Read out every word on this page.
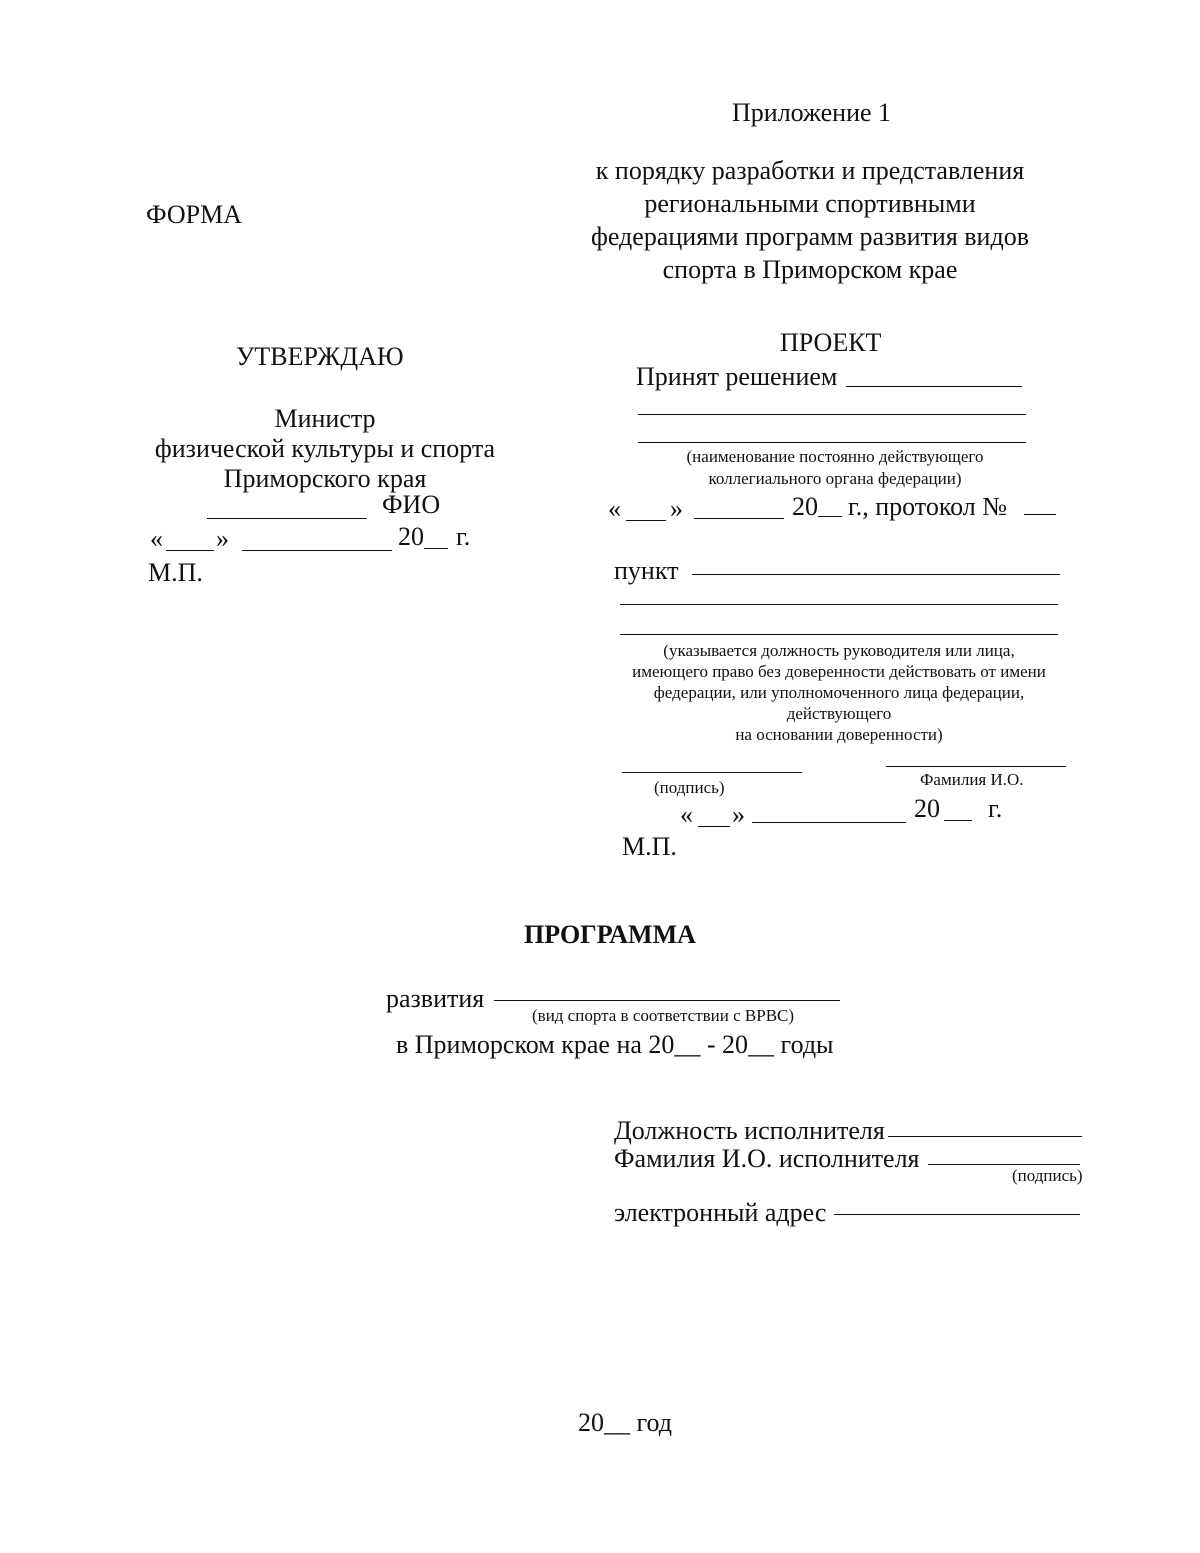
Приложение 1
ФОРМА
к порядку разработки и представления
региональными спортивными
федерациями программ развития видов
спорта в Приморском крае
УТВЕРЖДАЮ
Министр
физической культуры и спорта
Приморского края
ФИО
« »	20 г.
М.П.
ПРОЕКТ
Принят решением
(наименование постоянно действующего
коллегиального органа федерации)
« »	20 г., протокол №
пункт
(указывается должность руководителя или лица,
имеющего право без доверенности действовать от имени
федерации, или уполномоченного лица федерации,
действующего
на основании доверенности)
(подпись)	Фамилия И.О.
« »	20 г.
М.П.
ПРОГРАММА
развития
(вид спорта в соответствии с ВРВС)
в Приморском крае на 20__ - 20__ годы
Должность исполнителя
Фамилия И.О. исполнителя
(подпись)
электронный адрес
20__ год
